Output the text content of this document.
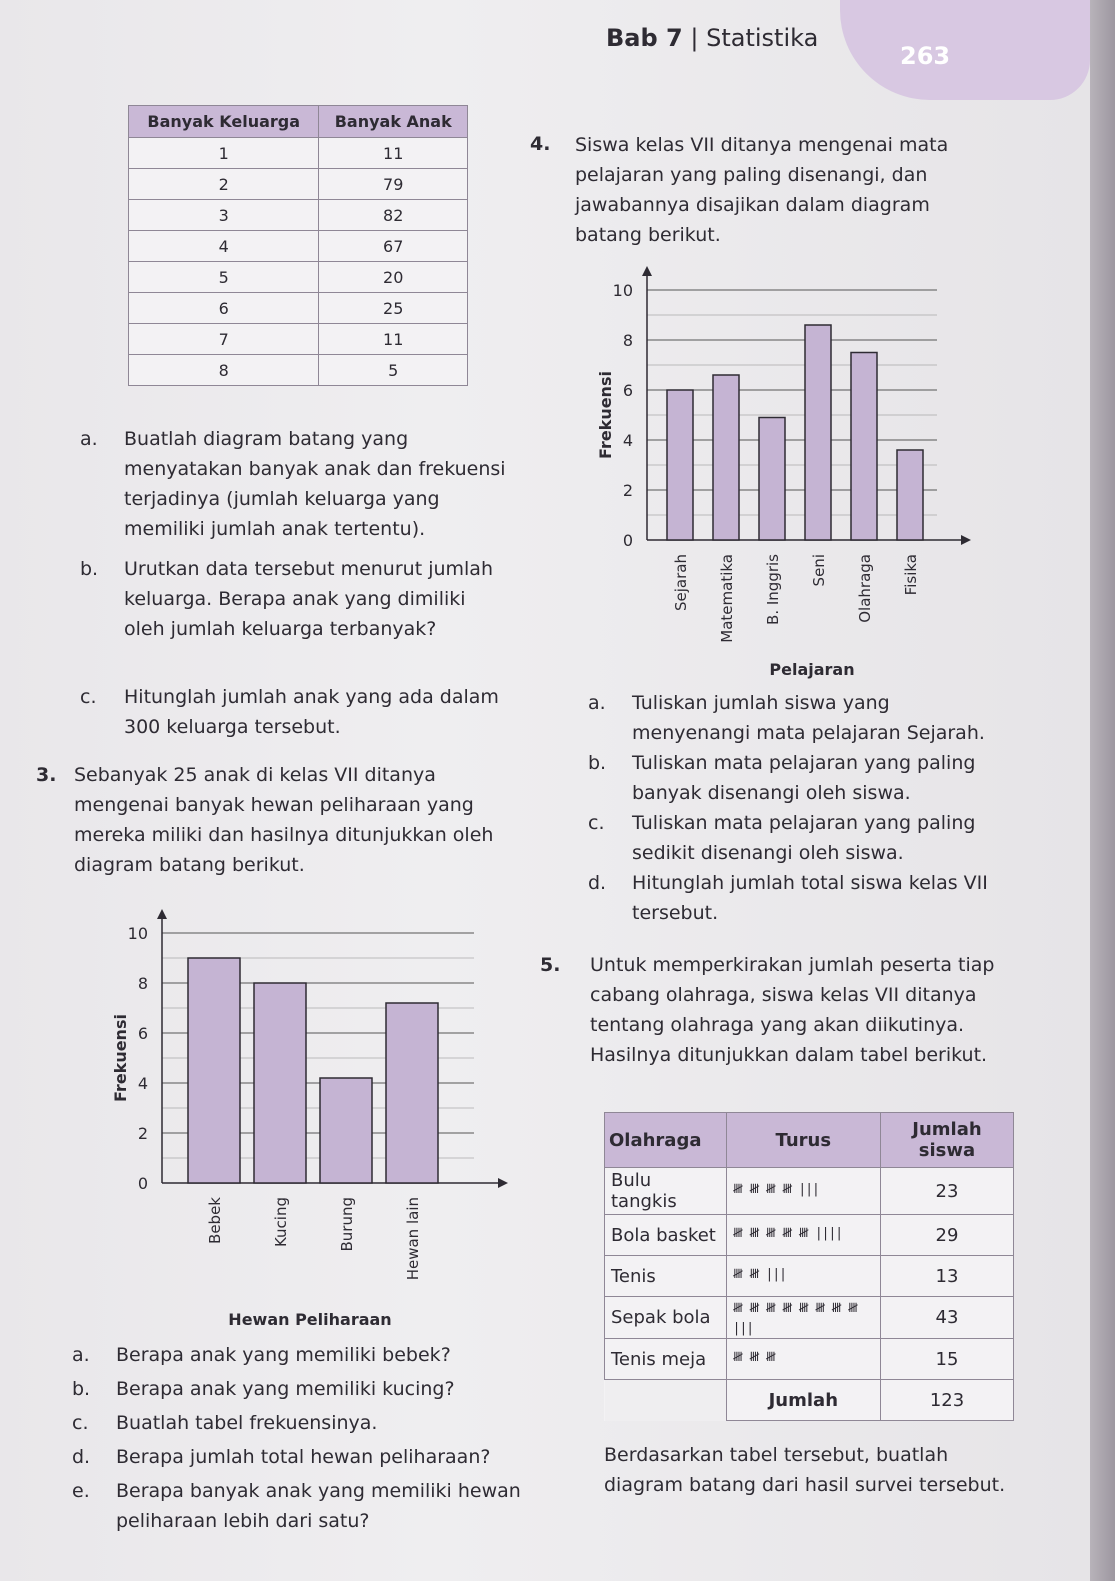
263
Bab 7 | Statistika
Banyak Keluarga	Banyak Anak
1	11
2	79
3	82
4	67
5	20
6	25
7	11
8	5
a. Buatlah diagram batang yang menyatakan banyak anak dan frekuensi terjadinya (jumlah keluarga yang memiliki jumlah anak tertentu).
b. Urutkan data tersebut menurut jumlah keluarga. Berapa anak yang dimiliki oleh jumlah keluarga terbanyak?
c. Hitunglah jumlah anak yang ada dalam 300 keluarga tersebut.
3. Sebanyak 25 anak di kelas VII ditanya mengenai banyak hewan peliharaan yang mereka miliki dan hasilnya ditunjukkan oleh diagram batang berikut.
0
2
4
6
8
10
Bebek	Kucing	Burung	Hewan lain
Frekuensi
Hewan Peliharaan
a. Berapa anak yang memiliki bebek?
b. Berapa anak yang memiliki kucing?
c. Buatlah tabel frekuensinya.
d. Berapa jumlah total hewan peliharaan?
e. Berapa banyak anak yang memiliki hewan peliharaan lebih dari satu?
4. Siswa kelas VII ditanya mengenai mata pelajaran yang paling disenangi, dan jawabannya disajikan dalam diagram batang berikut.
0
2
4
6
8
10
Sejarah Matematika B. Inggris Seni Olahraga Fisika
Frekuensi
Pelajaran
a. Tuliskan jumlah siswa yang menyenangi mata pelajaran Sejarah.
b. Tuliskan mata pelajaran yang paling banyak disenangi oleh siswa.
c. Tuliskan mata pelajaran yang paling sedikit disenangi oleh siswa.
d. Hitunglah jumlah total siswa kelas VII tersebut.
5. Untuk memperkirakan jumlah peserta tiap cabang olahraga, siswa kelas VII ditanya tentang olahraga yang akan diikutinya. Hasilnya ditunjukkan dalam tabel berikut.
Olahraga	Turus	Jumlah siswa
Bulu tangkis	𝍸 𝍸 𝍸 𝍸 |||	23
Bola basket	𝍸 𝍸 𝍸 𝍸 𝍸 ||||	29
Tenis	𝍸 𝍸 |||	13
Sepak bola	𝍸 𝍸 𝍸 𝍸 𝍸 𝍸 𝍸 𝍸 |||	43
Tenis meja	𝍸 𝍸 𝍸	15
	Jumlah	123
Berdasarkan tabel tersebut, buatlah diagram batang dari hasil survei tersebut.
